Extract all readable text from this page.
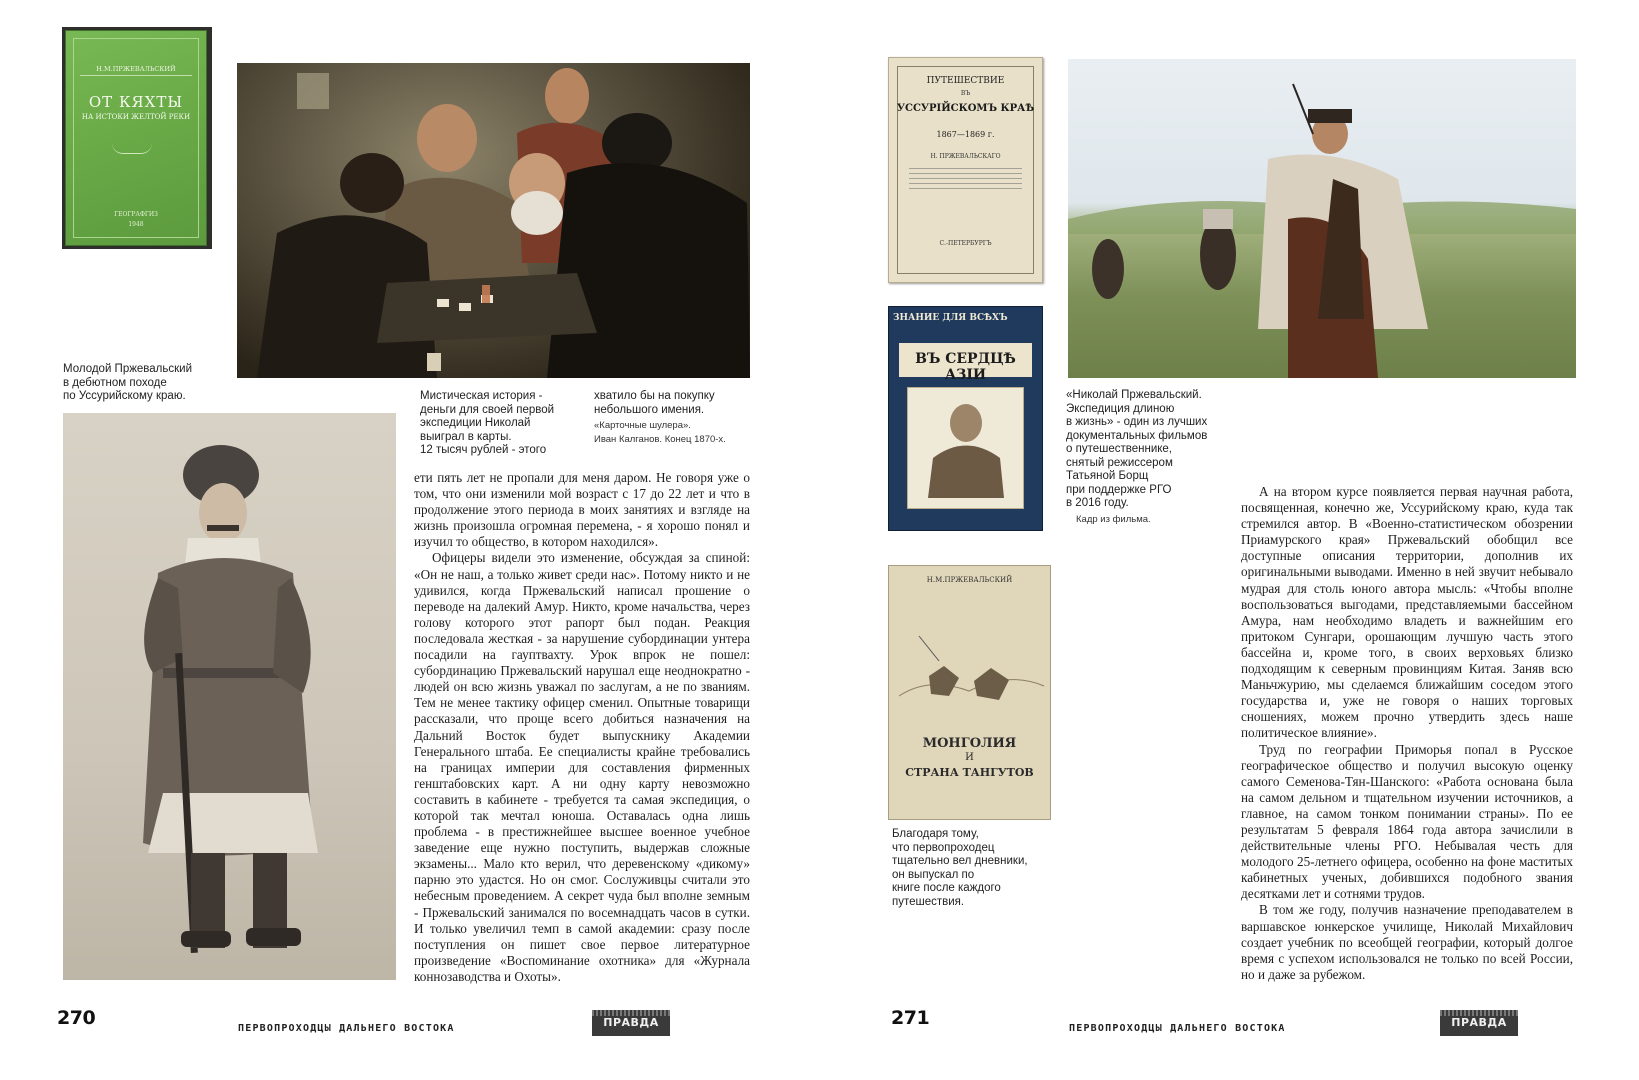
Н.М.ПРЖЕВАЛЬСКИЙ
ОТ КЯХТЫ
НА ИСТОКИ ЖЕЛТОЙ РЕКИ
ГЕОГРАФГИЗ
1948
Молодой Пржевальский
в дебютном походе
по Уссурийскому краю.	Мистическая история -
деньги для своей первой
экспедиции Николай
выиграл в карты.
12 тысяч рублей - этого
хватило бы на покупку
небольшого имения.
«Карточные шулера».
Иван Калганов. Конец 1870-х.

ети пять лет не пропали для меня даром. Не говоря уже о том, что они изменили мой возраст с 17 до 22 лет и что в продолжение этого периода в моих занятиях и взгляде на жизнь произошла огромная перемена, - я хорошо понял и изучил то общество, в котором находился».

Офицеры видели это изменение, обсуждая за спиной: «Он не наш, а только живет среди нас». Потому никто и не удивился, когда Пржевальский написал прошение о переводе на далекий Амур. Никто, кроме начальства, через голову которого этот рапорт был подан. Реакция последовала жесткая - за нарушение субординации унтера посадили на гауптвахту. Урок впрок не пошел: субординацию Пржевальский нарушал еще неоднократно - людей он всю жизнь уважал по заслугам, а не по званиям. Тем не менее тактику офицер сменил. Опытные товарищи рассказали, что проще всего добиться назначения на Дальний Восток будет выпускнику Академии Генерального штаба. Ее специалисты крайне требовались на границах империи для составления фирменных генштабовских карт. А ни одну карту невозможно составить в кабинете - требуется та самая экспедиция, о которой так мечтал юноша. Оставалась одна лишь проблема - в престижнейшее высшее военное учебное заведение еще нужно поступить, выдержав сложные экзамены... Мало кто верил, что деревенскому «дикому» парню это удастся. Но он смог. Сослуживцы считали это небесным проведением. А секрет чуда был вполне земным - Пржевальский занимался по восемнадцать часов в сутки. И только увеличил темп в самой академии: сразу после поступления он пишет свое первое литературное произведение «Воспоминание охотника» для «Журнала коннозаводства и Охоты».

270	ПЕРВОПРОХОДЦЫ ДАЛЬНЕГО ВОСТОКА	ПРАВДА
ПУТЕШЕСТВИЕ
ВЪ
УССУРІЙСКОМЪ КРАѢ
1867—1869 г.
Н. ПРЖЕВАЛЬСКАГО
С.-ПЕТЕРБУРГЪ
ЗНАНИЕ ДЛЯ ВСѢХЪ
ВЪ СЕРДЦѢ АЗІИ
Н.М.ПРЖЕВАЛЬСКИЙ
МОНГОЛИЯ
И
СТРАНА ТАНГУТОВ
«Николай Пржевальский.
Экспедиция длиною
в жизнь» - один из лучших
документальных фильмов
о путешественнике,
снятый режиссером
Татьяной Борщ
при поддержке РГО
в 2016 году.
Кадр из фильма.
Благодаря тому,
что первопроходец
тщательно вел дневники,
он выпускал по
книге после каждого
путешествия.

А на втором курсе появляется первая научная работа, посвященная, конечно же, Уссурийскому краю, куда так стремился автор. В «Военно-статистическом обозрении Приамурского края» Пржевальский обобщил все доступные описания территории, дополнив их оригинальными выводами. Именно в ней звучит небывало мудрая для столь юного автора мысль: «Чтобы вполне воспользоваться выгодами, представляемыми бассейном Амура, нам необходимо владеть и важнейшим его притоком Сунгари, орошающим лучшую часть этого бассейна и, кроме того, в своих верховьях близко подходящим к северным провинциям Китая. Заняв всю Маньчжурию, мы сделаемся ближайшим соседом этого государства и, уже не говоря о наших торговых сношениях, можем прочно утвердить здесь наше политическое влияние».

Труд по географии Приморья попал в Русское географическое общество и получил высокую оценку самого Семенова-Тян-Шанского: «Работа основана была на самом дельном и тщательном изучении источников, а главное, на самом тонком понимании страны». По ее результатам 5 февраля 1864 года автора зачислили в действительные члены РГО. Небывалая честь для молодого 25-летнего офицера, особенно на фоне маститых кабинетных ученых, добившихся подобного звания десятками лет и сотнями трудов.

В том же году, получив назначение преподавателем в варшавское юнкерское училище, Николай Михайлович создает учебник по всеобщей географии, который долгое время с успехом использовался не только по всей России, но и даже за рубежом.

271	ПЕРВОПРОХОДЦЫ ДАЛЬНЕГО ВОСТОКА	ПРАВДА
